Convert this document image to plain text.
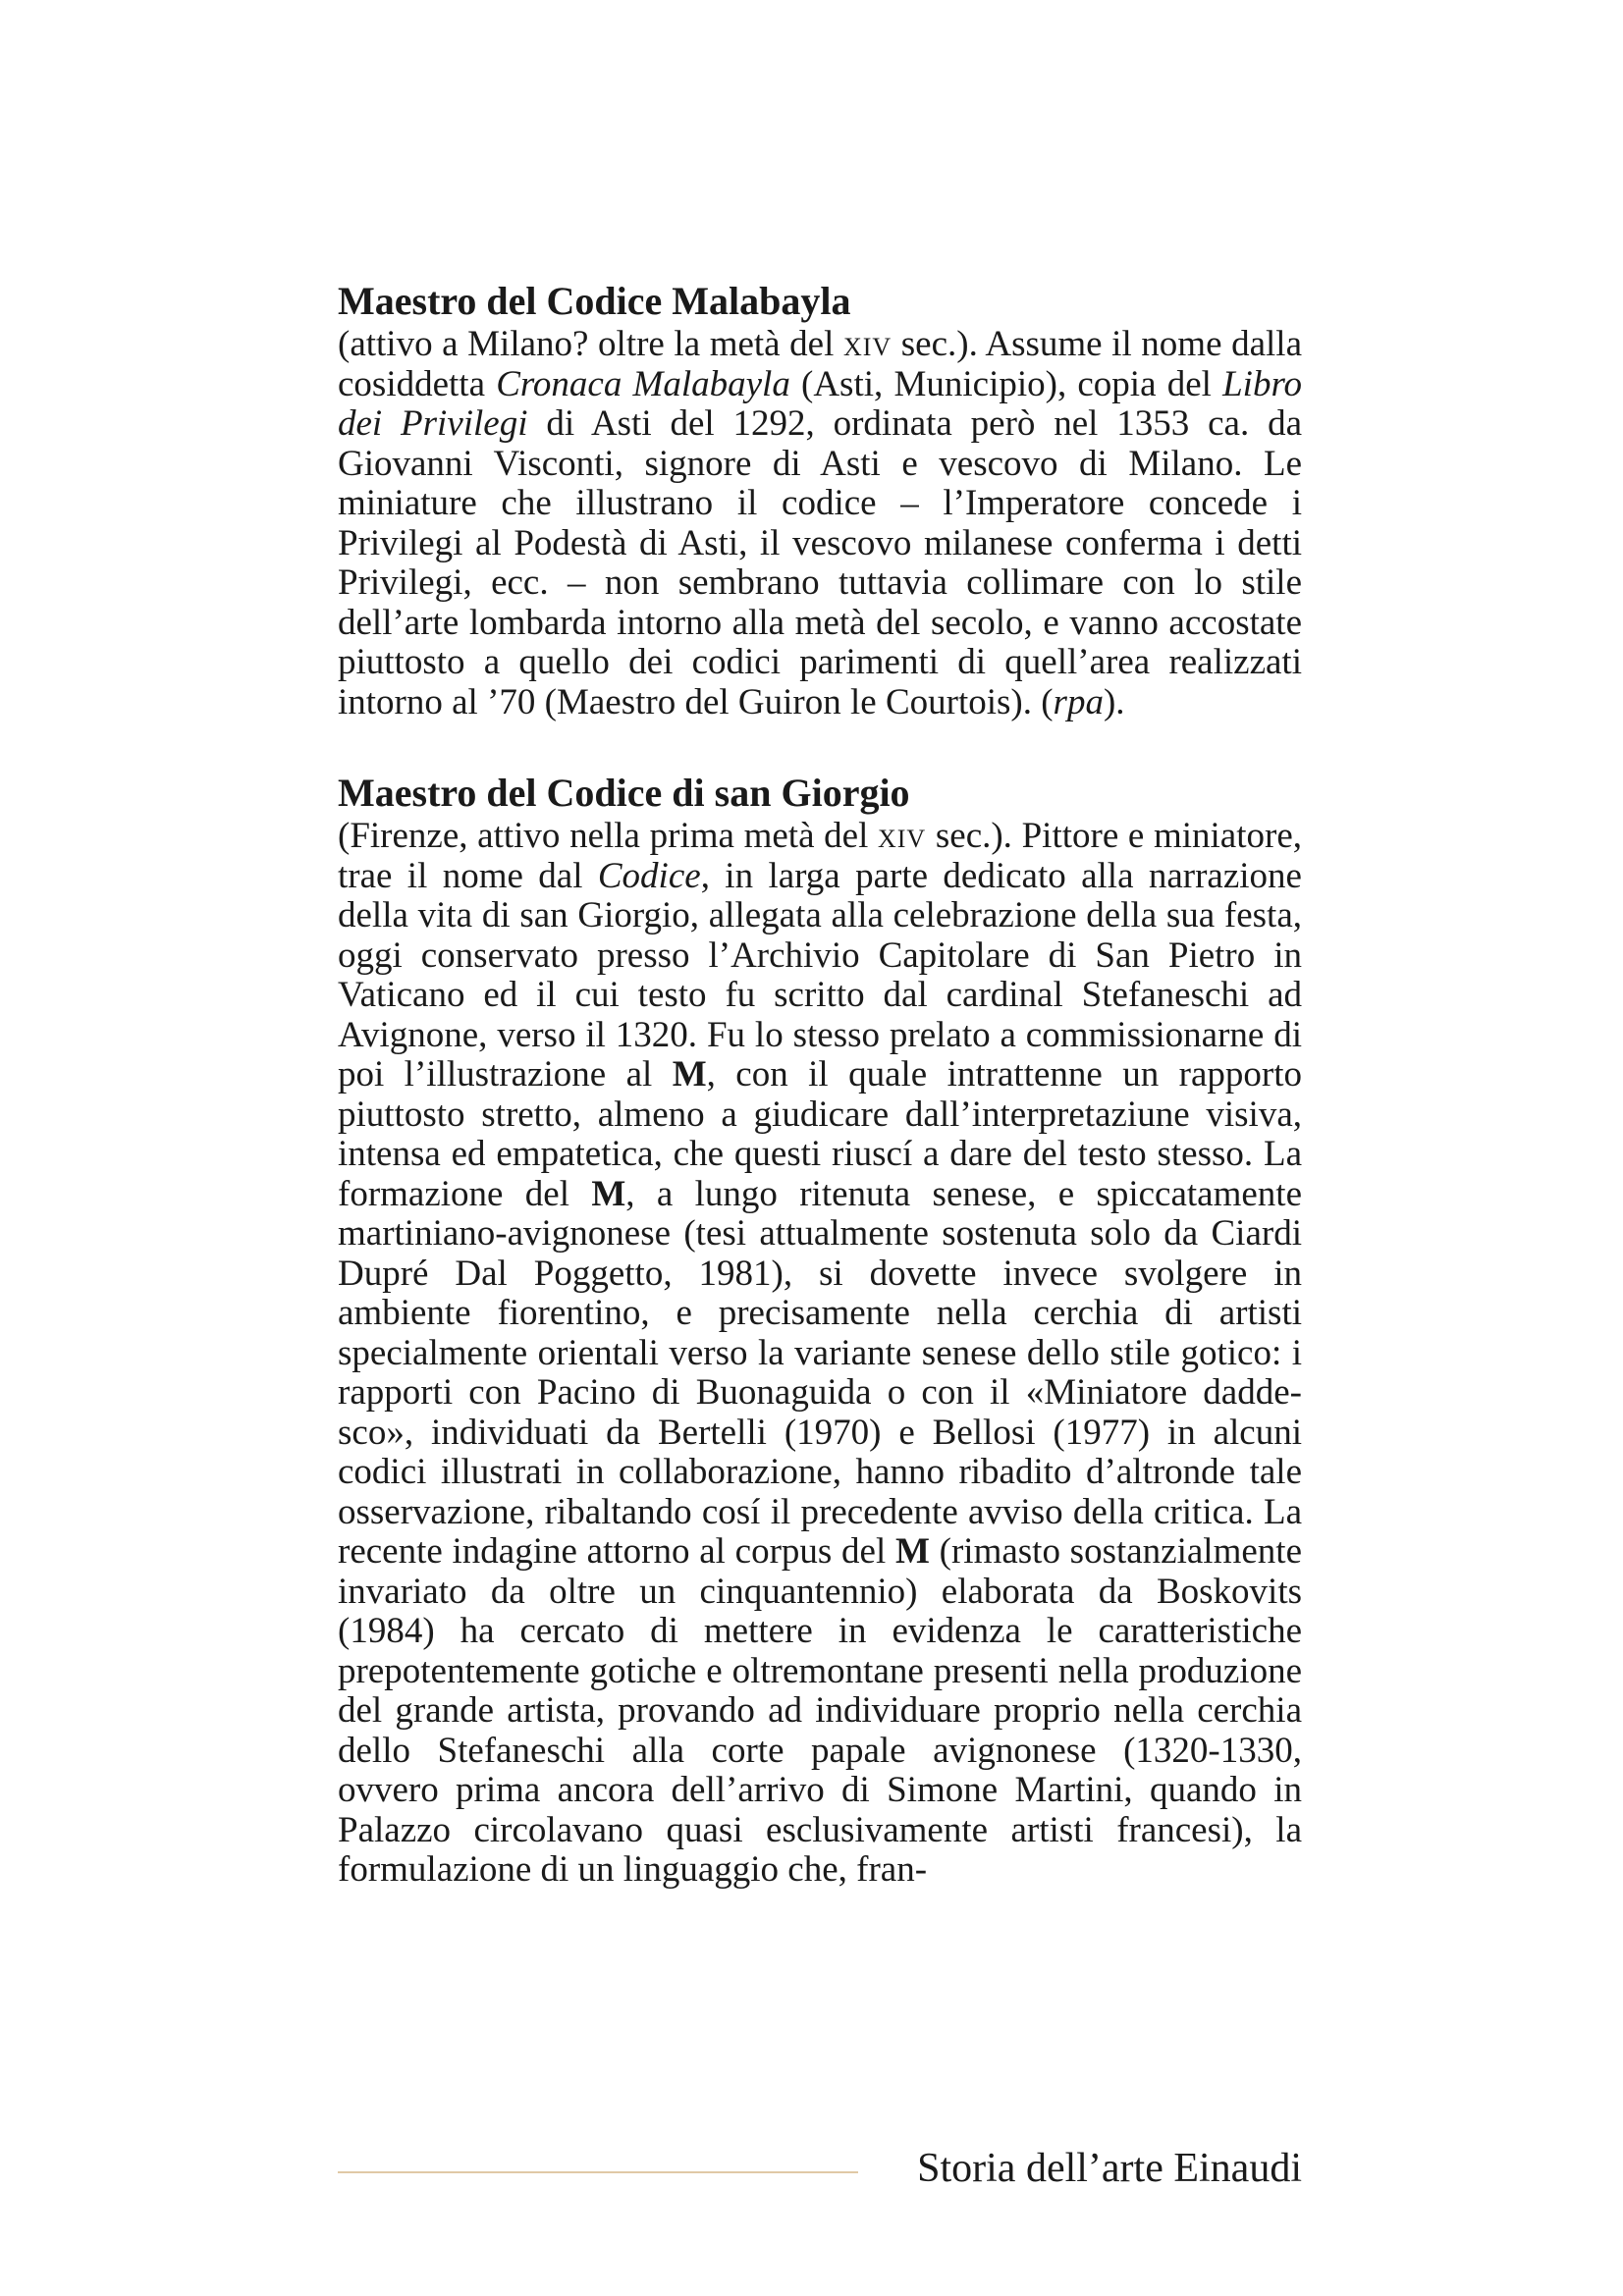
Maestro del Codice Malabayla

(attivo a Milano? oltre la metà del xiv sec.). Assume il nome dalla cosiddetta Cronaca Malabayla (Asti, Municipio), copia del Libro dei Privilegi di Asti del 1292, ordinata però nel 1353 ca. da Giovanni Visconti, signore di Asti e vescovo di Milano. Le miniature che illustrano il codice – l’Imperatore concede i Privilegi al Podestà di Asti, il vescovo milanese conferma i detti Privilegi, ecc. – non sembrano tuttavia collimare con lo stile dell’arte lombarda intorno alla metà del secolo, e vanno accostate piuttosto a quello dei codici parimenti di quell’area realizzati intorno al ’70 (Maestro del Guiron le Courtois). (rpa).

Maestro del Codice di san Giorgio

(Firenze, attivo nella prima metà del xiv sec.). Pittore e miniatore, trae il nome dal Codice, in larga parte dedicato alla narrazione della vita di san Giorgio, allegata alla celebrazione della sua festa, oggi conservato presso l’Archivio Capitolare di San Pietro in Vaticano ed il cui testo fu scritto dal cardinal Stefaneschi ad Avignone, verso il 1320. Fu lo stesso prelato a commissionarne di poi l’illustrazione al M, con il quale intrattenne un rapporto piuttosto stretto, almeno a giudicare dall’interpretaziune visiva, intensa ed empatetica, che questi riuscí a dare del testo stesso. La formazione del M, a lungo ritenuta senese, e spiccatamente martiniano-avignonese (tesi attualmente sostenuta solo da Ciardi Dupré Dal Poggetto, 1981), si dovette invece svolgere in ambiente fiorentino, e precisamente nella cerchia di artisti specialmente orientali verso la variante senese dello stile gotico: i rapporti con Pacino di Buonaguida o con il «Miniatore daddesco», individuati da Bertelli (1970) e Bellosi (1977) in alcuni codici illustrati in collaborazione, hanno ribadito d’altronde tale osservazione, ribaltando cosí il precedente avviso della critica. La recente indagine attorno al corpus del M (rimasto sostanzialmente invariato da oltre un cinquantennio) elaborata da Boskovits (1984) ha cercato di mettere in evidenza le caratteristiche prepotentemente gotiche e oltremontane presenti nella produzione del grande artista, provando ad individuare proprio nella cerchia dello Stefaneschi alla corte papale avignonese (1320-1330, ovvero prima ancora dell’arrivo di Simone Martini, quando in Palazzo circolavano quasi esclusivamente artisti francesi), la formulazione di un linguaggio che, fran-

Storia dell’arte Einaudi
